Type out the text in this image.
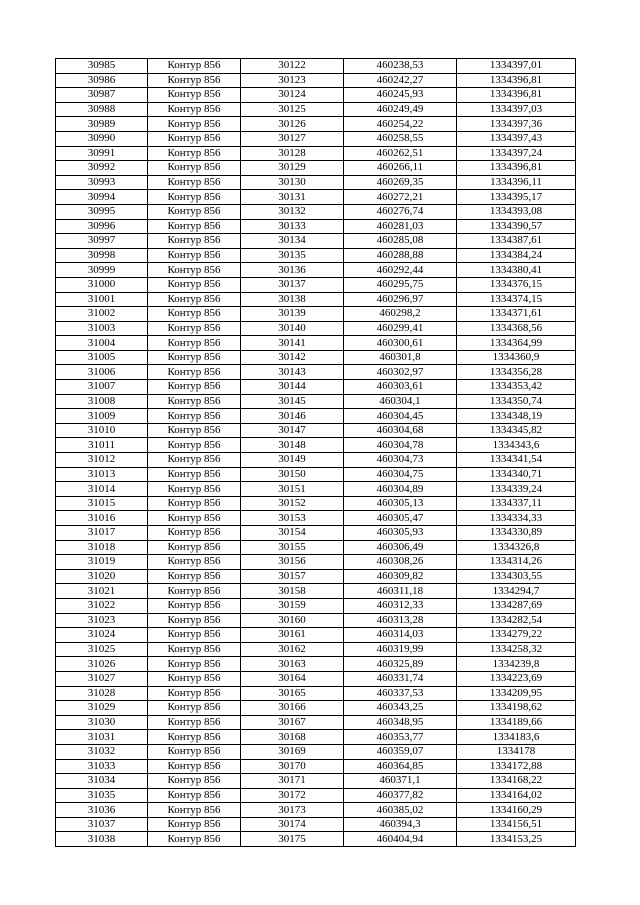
30985	Контур 856	30122	460238,53	1334397,01
30986	Контур 856	30123	460242,27	1334396,81
30987	Контур 856	30124	460245,93	1334396,81
30988	Контур 856	30125	460249,49	1334397,03
30989	Контур 856	30126	460254,22	1334397,36
30990	Контур 856	30127	460258,55	1334397,43
30991	Контур 856	30128	460262,51	1334397,24
30992	Контур 856	30129	460266,11	1334396,81
30993	Контур 856	30130	460269,35	1334396,11
30994	Контур 856	30131	460272,21	1334395,17
30995	Контур 856	30132	460276,74	1334393,08
30996	Контур 856	30133	460281,03	1334390,57
30997	Контур 856	30134	460285,08	1334387,61
30998	Контур 856	30135	460288,88	1334384,24
30999	Контур 856	30136	460292,44	1334380,41
31000	Контур 856	30137	460295,75	1334376,15
31001	Контур 856	30138	460296,97	1334374,15
31002	Контур 856	30139	460298,2	1334371,61
31003	Контур 856	30140	460299,41	1334368,56
31004	Контур 856	30141	460300,61	1334364,99
31005	Контур 856	30142	460301,8	1334360,9
31006	Контур 856	30143	460302,97	1334356,28
31007	Контур 856	30144	460303,61	1334353,42
31008	Контур 856	30145	460304,1	1334350,74
31009	Контур 856	30146	460304,45	1334348,19
31010	Контур 856	30147	460304,68	1334345,82
31011	Контур 856	30148	460304,78	1334343,6
31012	Контур 856	30149	460304,73	1334341,54
31013	Контур 856	30150	460304,75	1334340,71
31014	Контур 856	30151	460304,89	1334339,24
31015	Контур 856	30152	460305,13	1334337,11
31016	Контур 856	30153	460305,47	1334334,33
31017	Контур 856	30154	460305,93	1334330,89
31018	Контур 856	30155	460306,49	1334326,8
31019	Контур 856	30156	460308,26	1334314,26
31020	Контур 856	30157	460309,82	1334303,55
31021	Контур 856	30158	460311,18	1334294,7
31022	Контур 856	30159	460312,33	1334287,69
31023	Контур 856	30160	460313,28	1334282,54
31024	Контур 856	30161	460314,03	1334279,22
31025	Контур 856	30162	460319,99	1334258,32
31026	Контур 856	30163	460325,89	1334239,8
31027	Контур 856	30164	460331,74	1334223,69
31028	Контур 856	30165	460337,53	1334209,95
31029	Контур 856	30166	460343,25	1334198,62
31030	Контур 856	30167	460348,95	1334189,66
31031	Контур 856	30168	460353,77	1334183,6
31032	Контур 856	30169	460359,07	1334178
31033	Контур 856	30170	460364,85	1334172,88
31034	Контур 856	30171	460371,1	1334168,22
31035	Контур 856	30172	460377,82	1334164,02
31036	Контур 856	30173	460385,02	1334160,29
31037	Контур 856	30174	460394,3	1334156,51
31038	Контур 856	30175	460404,94	1334153,25
